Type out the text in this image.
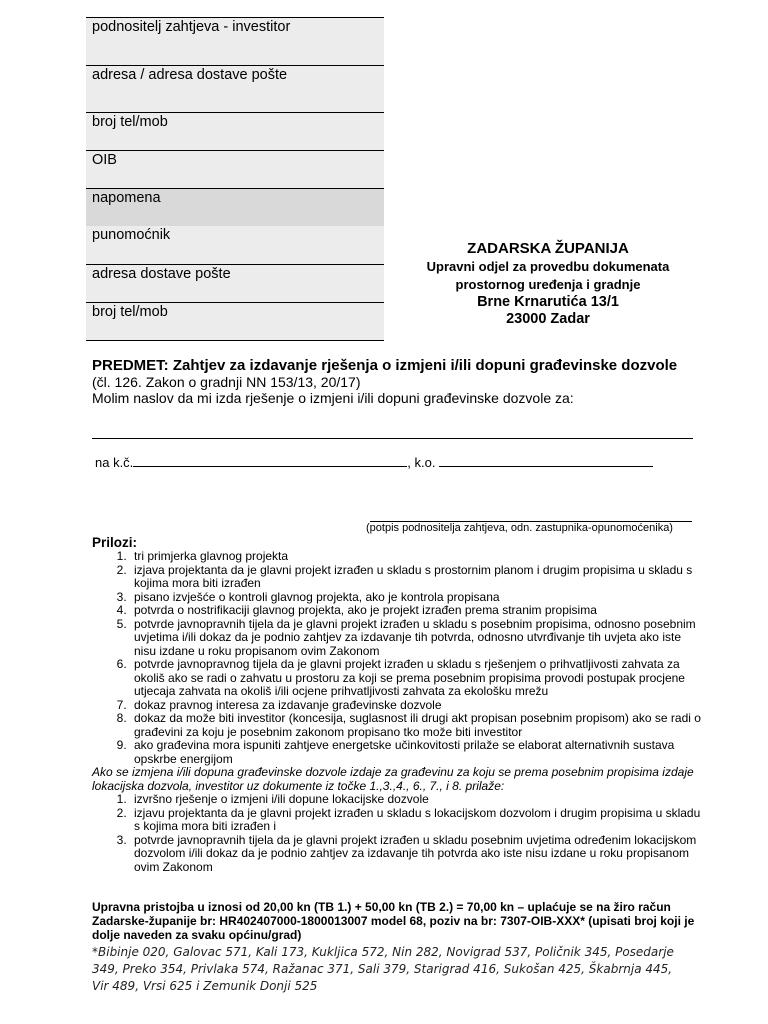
podnositelj zahtjeva - investitor
adresa / adresa dostave pošte
broj tel/mob
OIB
napomena
punomoćnik
adresa dostave pošte
broj tel/mob
ZADARSKA ŽUPANIJA
Upravni odjel za provedbu dokumenata
prostornog uređenja i gradnje
Brne Krnarutića 13/1
23000 Zadar
PREDMET: Zahtjev za izdavanje rješenja o izmjeni i/ili dopuni građevinske dozvole
(čl. 126. Zakon o gradnji NN 153/13, 20/17)
Molim naslov da mi izda rješenje o izmjeni i/ili dopuni građevinske dozvole za:
na k.č.	, k.o.
(potpis podnositelja zahtjeva, odn. zastupnika-opunomoćenika)
Prilozi:
1. tri primjerka glavnog projekta
2. izjava projektanta da je glavni projekt izrađen u skladu s prostornim planom i drugim propisima u skladu s kojima mora biti izrađen
3. pisano izvješće o kontroli glavnog projekta, ako je kontrola propisana
4. potvrda o nostrifikaciji glavnog projekta, ako je projekt izrađen prema stranim propisima
5. potvrde javnopravnih tijela da je glavni projekt izrađen u skladu s posebnim propisima, odnosno posebnim uvjetima i/ili dokaz da je podnio zahtjev za izdavanje tih potvrda, odnosno utvrđivanje tih uvjeta ako iste nisu izdane u roku propisanom ovim Zakonom
6. potvrde javnopravnog tijela da je glavni projekt izrađen u skladu s rješenjem o prihvatljivosti zahvata za okoliš ako se radi o zahvatu u prostoru za koji se prema posebnim propisima provodi postupak procjene utjecaja zahvata na okoliš i/ili ocjene prihvatljivosti zahvata za ekološku mrežu
7. dokaz pravnog interesa za izdavanje građevinske dozvole
8. dokaz da može biti investitor (koncesija, suglasnost ili drugi akt propisan posebnim propisom) ako se radi o građevini za koju je posebnim zakonom propisano tko može biti investitor
9. ako građevina mora ispuniti zahtjeve energetske učinkovitosti prilaže se elaborat alternativnih sustava opskrbe energijom
Ako se izmjena i/ili dopuna građevinske dozvole izdaje za građevinu za koju se prema posebnim propisima izdaje lokacijska dozvola, investitor uz dokumente iz točke 1.,3.,4., 6., 7., i 8. prilaže:
1. izvršno rješenje o izmjeni i/ili dopune lokacijske dozvole
2. izjavu projektanta da je glavni projekt izrađen u skladu s lokacijskom dozvolom i drugim propisima u skladu s kojima mora biti izrađen i
3. potvrde javnopravnih tijela da je glavni projekt izrađen u skladu posebnim uvjetima određenim lokacijskom dozvolom i/ili dokaz da je podnio zahtjev za izdavanje tih potvrda ako iste nisu izdane u roku propisanom ovim Zakonom
Upravna pristojba u iznosi od 20,00 kn (TB 1.) + 50,00 kn (TB 2.) = 70,00 kn – uplaćuje se na žiro račun Zadarske-županije br: HR402407000-1800013007 model 68, poziv na br: 7307-OIB-XXX* (upisati broj koji je dolje naveden za svaku općinu/grad)
*Bibinje 020, Galovac 571, Kali 173, Kukljica 572, Nin 282, Novigrad 537, Poličnik 345, Posedarje 349, Preko 354, Privlaka 574, Ražanac 371, Sali 379, Starigrad 416, Sukošan 425, Škabrnja 445, Vir 489, Vrsi 625 i Zemunik Donji 525
